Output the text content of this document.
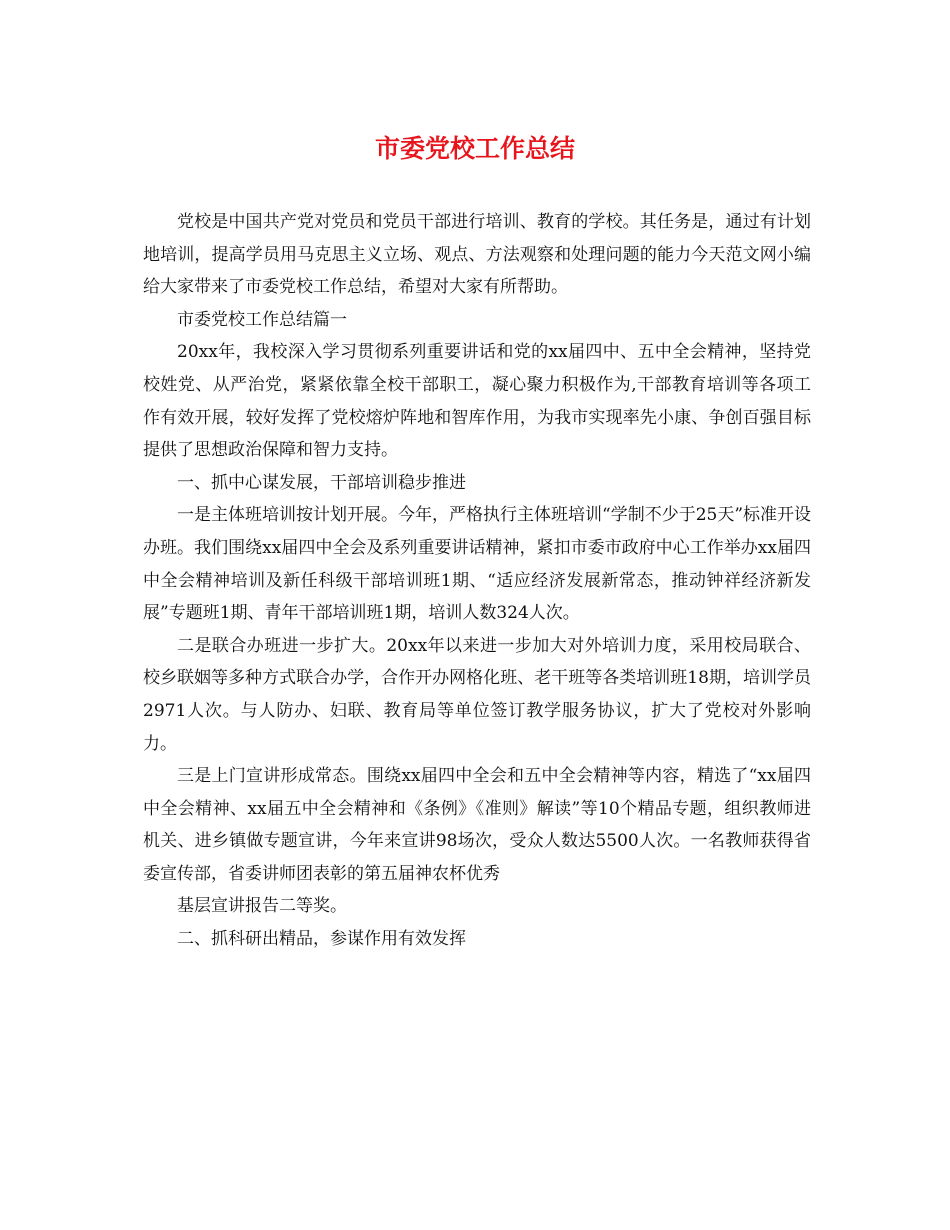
市委党校工作总结

党校是中国共产党对党员和党员干部进行培训、教育的学校。其任务是，通过有计划地培训，提高学员用马克思主义立场、观点、方法观察和处理问题的能力今天范文网小编给大家带来了市委党校工作总结，希望对大家有所帮助。

市委党校工作总结篇一

20xx年，我校深入学习贯彻系列重要讲话和党的xx届四中、五中全会精神，坚持党校姓党、从严治党，紧紧依靠全校干部职工，凝心聚力积极作为,干部教育培训等各项工作有效开展，较好发挥了党校熔炉阵地和智库作用，为我市实现率先小康、争创百强目标提供了思想政治保障和智力支持。

一、抓中心谋发展，干部培训稳步推进

一是主体班培训按计划开展。今年，严格执行主体班培训“学制不少于25天”标准开设办班。我们围绕xx届四中全会及系列重要讲话精神，紧扣市委市政府中心工作举办xx届四中全会精神培训及新任科级干部培训班1期、“适应经济发展新常态，推动钟祥经济新发展”专题班1期、青年干部培训班1期，培训人数324人次。

二是联合办班进一步扩大。20xx年以来进一步加大对外培训力度，采用校局联合、校乡联姻等多种方式联合办学，合作开办网格化班、老干班等各类培训班18期，培训学员2971人次。与人防办、妇联、教育局等单位签订教学服务协议，扩大了党校对外影响力。

三是上门宣讲形成常态。围绕xx届四中全会和五中全会精神等内容，精选了“xx届四中全会精神、xx届五中全会精神和《条例》《准则》解读”等10个精品专题，组织教师进机关、进乡镇做专题宣讲，今年来宣讲98场次，受众人数达5500人次。一名教师获得省委宣传部，省委讲师团表彰的第五届神农杯优秀

基层宣讲报告二等奖。

二、抓科研出精品，参谋作用有效发挥
